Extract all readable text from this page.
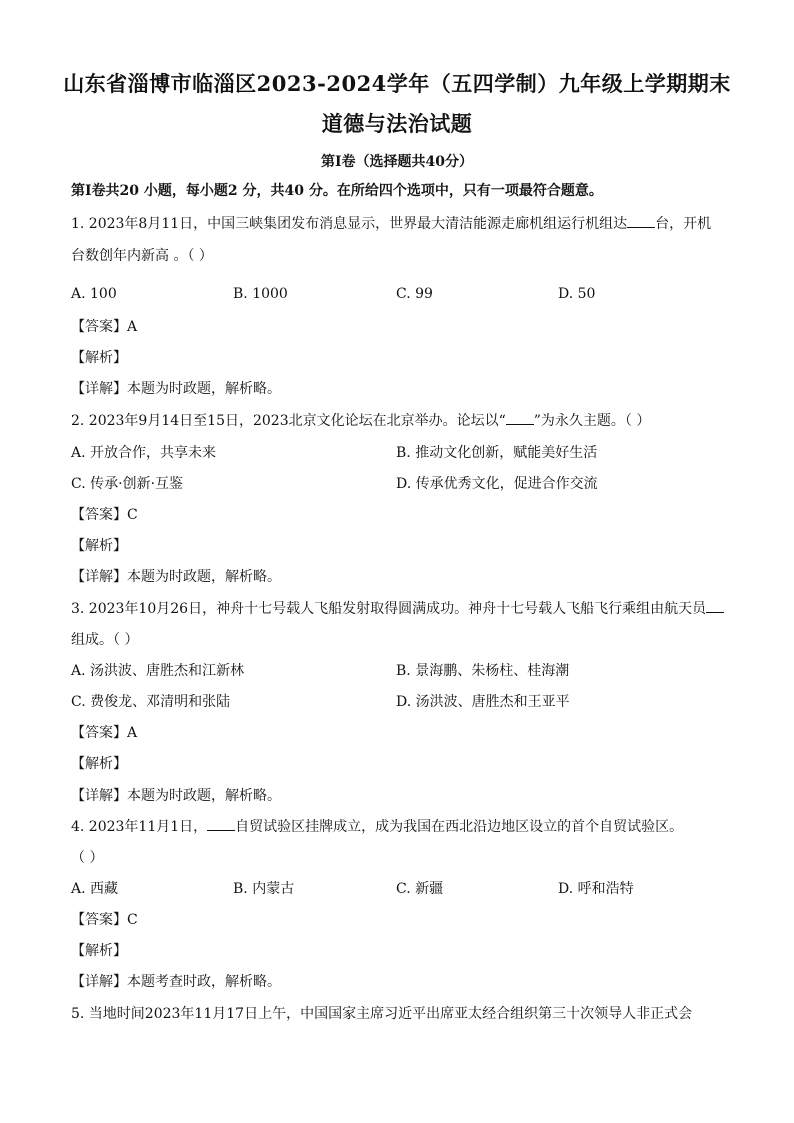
山东省淄博市临淄区2023-2024学年（五四学制）九年级上学期期末
道德与法治试题
第Ⅰ卷（选择题共40分）
第Ⅰ卷共20 小题，每小题2 分，共40 分。在所给四个选项中，只有一项最符合题意。
1. 2023年8月11日，中国三峡集团发布消息显示，世界最大清洁能源走廊机组运行机组达 台，开机
台数创年内新高 。（ ）
A. 100	B. 1000	C. 99	D. 50
【答案】A
【解析】
【详解】本题为时政题，解析略。
2. 2023年9月14日至15日，2023北京文化论坛在北京举办。论坛以“ ”为永久主题。（ ）
A. 开放合作，共享未来	B. 推动文化创新，赋能美好生活
C. 传承·创新·互鉴	D. 传承优秀文化，促进合作交流
【答案】C
【解析】
【详解】本题为时政题，解析略。
3. 2023年10月26日，神舟十七号载人飞船发射取得圆满成功。神舟十七号载人飞船飞行乘组由航天员
组成。（ ）
A. 汤洪波、唐胜杰和江新林	B. 景海鹏、朱杨柱、桂海潮
C. 费俊龙、邓清明和张陆	D. 汤洪波、唐胜杰和王亚平
【答案】A
【解析】
【详解】本题为时政题，解析略。
4. 2023年11月1日， 自贸试验区挂牌成立，成为我国在西北沿边地区设立的首个自贸试验区。
（ ）
A. 西藏	B. 内蒙古	C. 新疆	D. 呼和浩特
【答案】C
【解析】
【详解】本题考查时政，解析略。
5. 当地时间2023年11月17日上午，中国国家主席习近平出席亚太经合组织第三十次领导人非正式会
